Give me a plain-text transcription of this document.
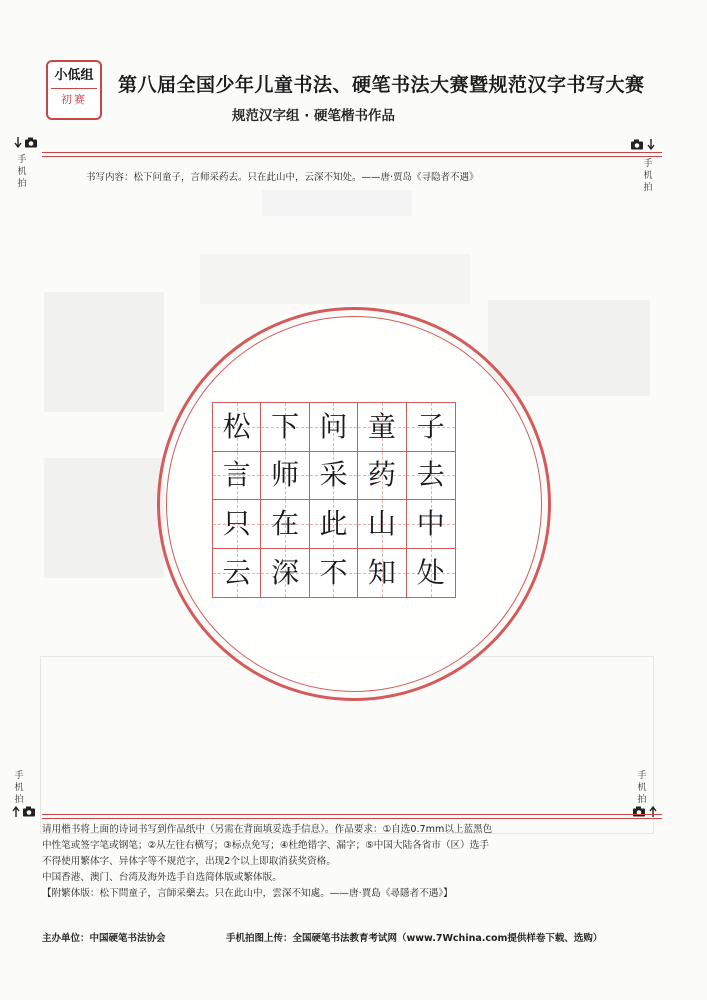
小低组
初赛
第八届全国少年儿童书法、硬笔书法大赛暨规范汉字书写大赛
规范汉字组 · 硬笔楷书作品
手
机
拍
手
机
拍
书写内容：松下问童子，言师采药去。只在此山中，云深不知处。——唐·贾岛《寻隐者不遇》
松 下 问 童 子
言 师 采 药 去
只 在 此 山 中
云 深 不 知 处
手
机
拍
手
机
拍

请用楷书将上面的诗词书写到作品纸中（另需在背面填妥选手信息）。作品要求：①自选0.7mm以上蓝黑色

中性笔或签字笔或钢笔；②从左往右横写；③标点免写；④杜绝错字、漏字；⑤中国大陆各省市（区）选手

不得使用繁体字、异体字等不规范字，出现2个以上即取消获奖资格。

中国香港、澳门、台湾及海外选手自选简体版或繁体版。

【附繁体版：松下問童子，言師采藥去。只在此山中，雲深不知處。——唐·賈島《尋隱者不遇》】

主办单位：中国硬笔书法协会	手机拍图上传：全国硬笔书法教育考试网（www.7Wchina.com提供样卷下载、选购）
